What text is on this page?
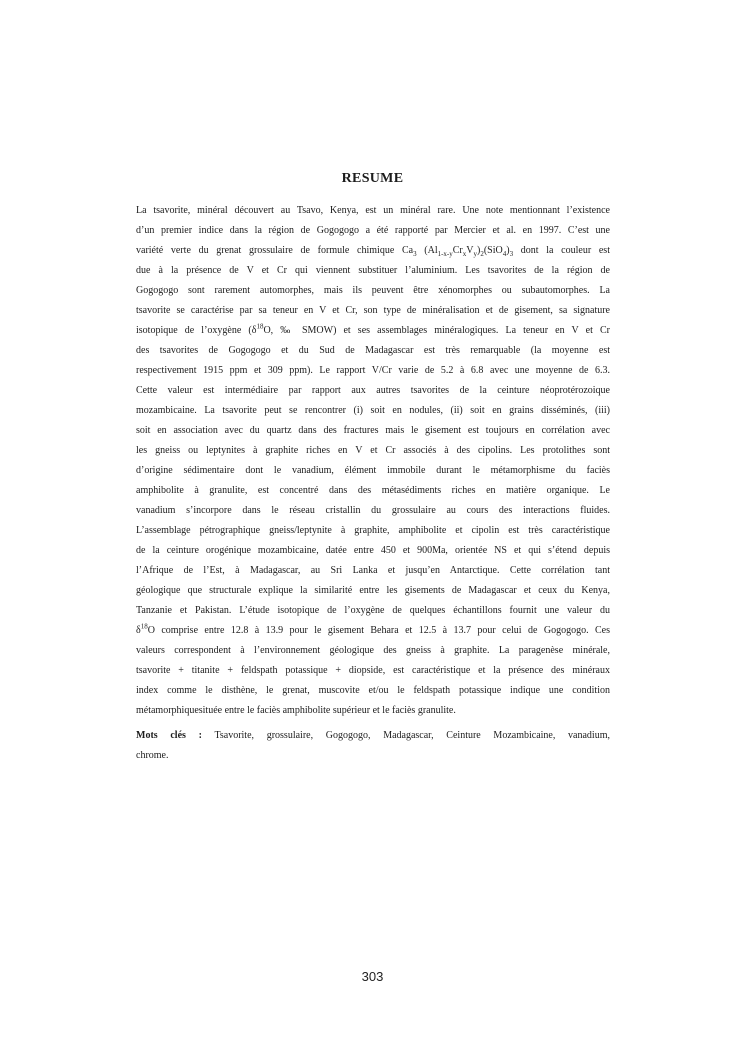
RESUME
La tsavorite, minéral découvert au Tsavo, Kenya, est un minéral rare. Une note mentionnant l’existence
d’un premier indice dans la région de Gogogogo a été rapporté par Mercier et al. en 1997. C’est une
variété verte du grenat grossulaire de formule chimique $Ca_3$ $(Al_{1-x-y}Cr_xV_y)_2(SiO_4)_3$ dont la couleur est
due à la présence de V et Cr qui viennent substituer l’aluminium. Les tsavorites de la région de
Gogogogo sont rarement automorphes, mais ils peuvent être xénomorphes ou subautomorphes. La
tsavorite se caractérise par sa teneur en V et Cr, son type de minéralisation et de gisement, sa signature
isotopique de l’oxygène ($\delta^{18}O$, ‰ SMOW) et ses assemblages minéralogiques. La teneur en V et Cr
des tsavorites de Gogogogo et du Sud de Madagascar est très remarquable (la moyenne est
respectivement 1915 ppm et 309 ppm). Le rapport V/Cr varie de 5.2 à 6.8 avec une moyenne de 6.3.
Cette valeur est intermédiaire par rapport aux autres tsavorites de la ceinture néoprotérozoique
mozambicaine. La tsavorite peut se rencontrer (i) soit en nodules, (ii) soit en grains disséminés, (iii)
soit en association avec du quartz dans des fractures mais le gisement est toujours en corrélation avec
les gneiss ou leptynites à graphite riches en V et Cr associés à des cipolins. Les protolithes sont
d’origine sédimentaire dont le vanadium, élément immobile durant le métamorphisme du faciès
amphibolite à granulite, est concentré dans des métasédiments riches en matière organique. Le
vanadium s’incorpore dans le réseau cristallin du grossulaire au cours des interactions fluides.
L’assemblage pétrographique gneiss/leptynite à graphite, amphibolite et cipolin est très caractéristique
de la ceinture orogénique mozambicaine, datée entre 450 et 900Ma, orientée NS et qui s’étend depuis
l’Afrique de l’Est, à Madagascar, au Sri Lanka et jusqu’en Antarctique. Cette corrélation tant
géologique que structurale explique la similarité entre les gisements de Madagascar et ceux du Kenya,
Tanzanie et Pakistan. L’étude isotopique de l’oxygène de quelques échantillons fournit une valeur du
$\delta^{18}O$ comprise entre 12.8 à 13.9 pour le gisement Behara et 12.5 à 13.7 pour celui de Gogogogo. Ces
valeurs correspondent à l’environnement géologique des gneiss à graphite. La paragenèse minérale,
tsavorite + titanite + feldspath potassique + diopside, est caractéristique et la présence des minéraux
index comme le disthène, le grenat, muscovite et/ou le feldspath potassique indique une condition
métamorphiquesituée entre le faciès amphibolite supérieur et le faciès granulite.
Mots clés : Tsavorite, grossulaire, Gogogogo, Madagascar, Ceinture Mozambicaine, vanadium,
chrome.
303
